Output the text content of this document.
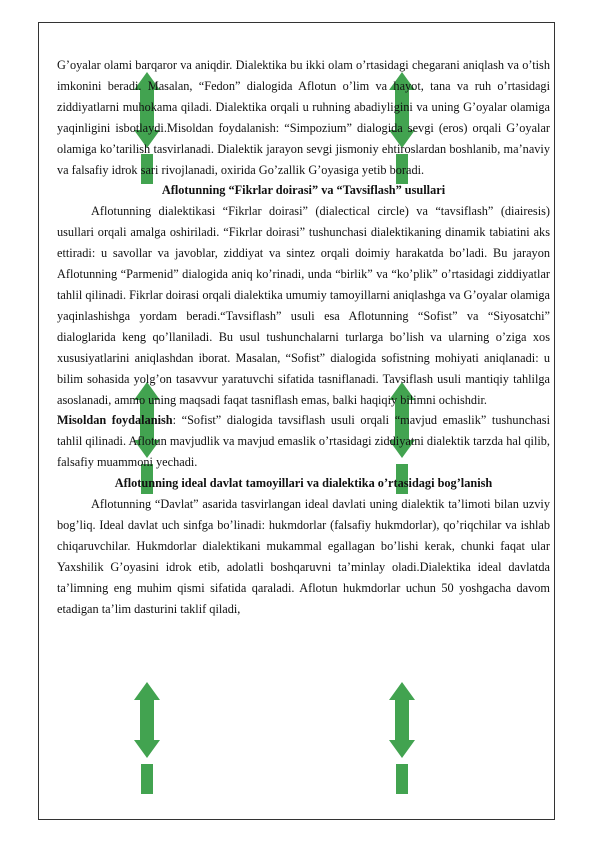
G’oyalar olami barqaror va aniqdir. Dialektika bu ikki olam o’rtasidagi chegarani aniqlash va o’tish imkonini beradi. Masalan, “Fedon” dialogida Aflotun o’lim va hayot, tana va ruh o’rtasidagi ziddiyatlarni muhokama qiladi. Dialektika orqali u ruhning abadiyligini va uning G’oyalar olamiga yaqinligini isbotlaydi.Misoldan foydalanish: “Simpozium” dialogida sevgi (eros) orqali G’oyalar olamiga ko’tarilish tasvirlanadi. Dialektik jarayon sevgi jismoniy ehtiroslardan boshlanib, ma’naviy va falsafiy idrok sari rivojlanadi, oxirida Go’zallik G’oyasiga yetib boradi.

Aflotunning “Fikrlar doirasi” va “Tavsiflash” usullari

Aflotunning dialektikasi “Fikrlar doirasi” (dialectical circle) va “tavsiflash” (diairesis) usullari orqali amalga oshiriladi. “Fikrlar doirasi” tushunchasi dialektikaning dinamik tabiatini aks ettiradi: u savollar va javoblar, ziddiyat va sintez orqali doimiy harakatda bo’ladi. Bu jarayon Aflotunning “Parmenid” dialogida aniq ko’rinadi, unda “birlik” va “ko’plik” o’rtasidagi ziddiyatlar tahlil qilinadi. Fikrlar doirasi orqali dialektika umumiy tamoyillarni aniqlashga va G’oyalar olamiga yaqinlashishga yordam beradi.“Tavsiflash” usuli esa Aflotunning “Sofist” va “Siyosatchi” dialoglarida keng qo’llaniladi. Bu usul tushunchalarni turlarga bo’lish va ularning o’ziga xos xususiyatlarini aniqlashdan iborat. Masalan, “Sofist” dialogida sofistning mohiyati aniqlanadi: u bilim sohasida yolg’on tasavvur yaratuvchi sifatida tasniflanadi. Tavsiflash usuli mantiqiy tahlilga asoslanadi, ammo uning maqsadi faqat tasniflash emas, balki haqiqiy bilimni ochishdir.

Misoldan foydalanish: “Sofist” dialogida tavsiflash usuli orqali “mavjud emaslik” tushunchasi tahlil qilinadi. Aflotun mavjudlik va mavjud emaslik o’rtasidagi ziddiyatni dialektik tarzda hal qilib, falsafiy muammoni yechadi.

Aflotunning ideal davlat tamoyillari va dialektika o’rtasidagi bog’lanish

Aflotunning “Davlat” asarida tasvirlangan ideal davlati uning dialektik ta’limoti bilan uzviy bog’liq. Ideal davlat uch sinfga bo’linadi: hukmdorlar (falsafiy hukmdorlar), qo’riqchilar va ishlab chiqaruvchilar. Hukmdorlar dialektikani mukammal egallagan bo’lishi kerak, chunki faqat ular Yaxshilik G’oyasini idrok etib, adolatli boshqaruvni ta’minlay oladi.Dialektika ideal davlatda ta’limning eng muhim qismi sifatida qaraladi. Aflotun hukmdorlar uchun 50 yoshgacha davom etadigan ta’lim dasturini taklif qiladi,
